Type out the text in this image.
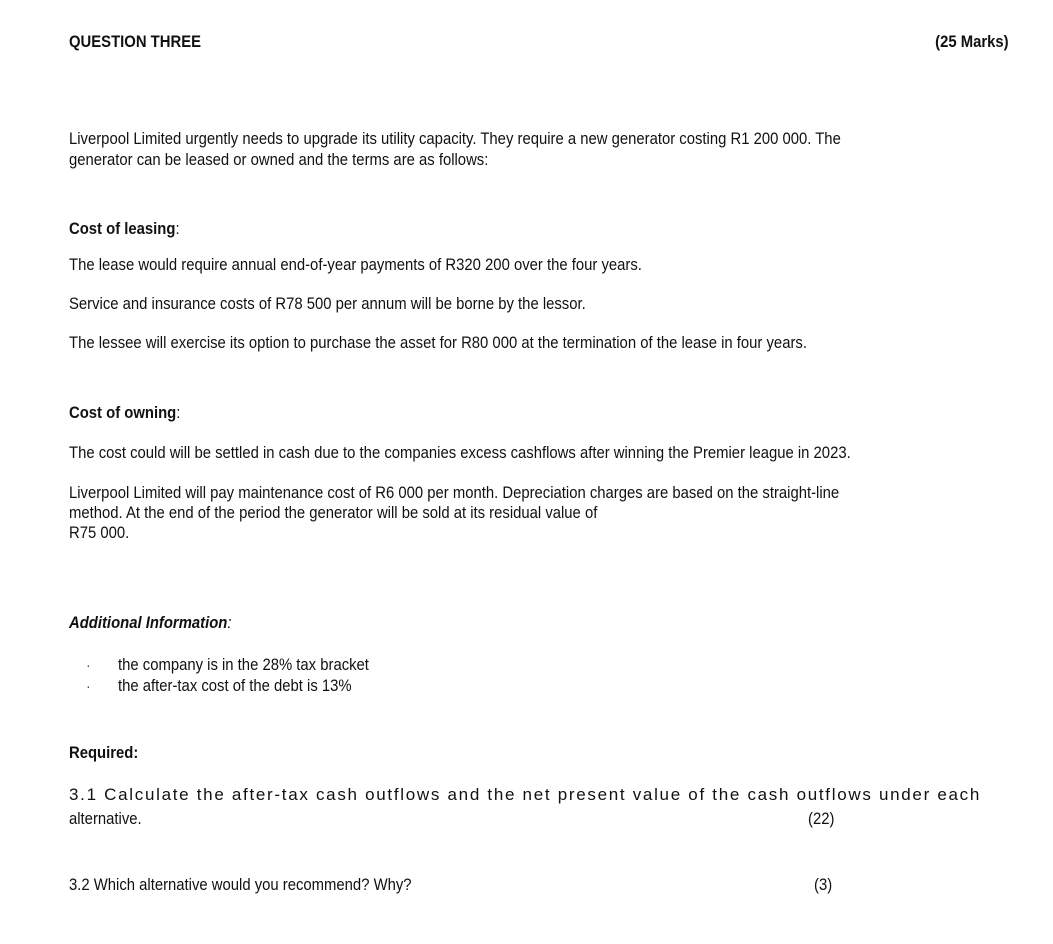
QUESTION THREE	(25 Marks)
Liverpool Limited urgently needs to upgrade its utility capacity. They require a new generator costing R1 200 000. The
generator can be leased or owned and the terms are as follows:
Cost of leasing:
The lease would require annual end-of-year payments of R320 200 over the four years.
Service and insurance costs of R78 500 per annum will be borne by the lessor.
The lessee will exercise its option to purchase the asset for R80 000 at the termination of the lease in four years.
Cost of owning:
The cost could will be settled in cash due to the companies excess cashflows after winning the Premier league in 2023.
Liverpool Limited will pay maintenance cost of R6 000 per month. Depreciation charges are based on the straight-line
method. At the end of the period the generator will be sold at its residual value of
R75 000.
Additional Information:
· the company is in the 28% tax bracket
· the after-tax cost of the debt is 13%
Required:
3.1 Calculate the after-tax cash outflows and the net present value of the cash outflows under each
alternative.	(22)
3.2 Which alternative would you recommend? Why?	(3)
